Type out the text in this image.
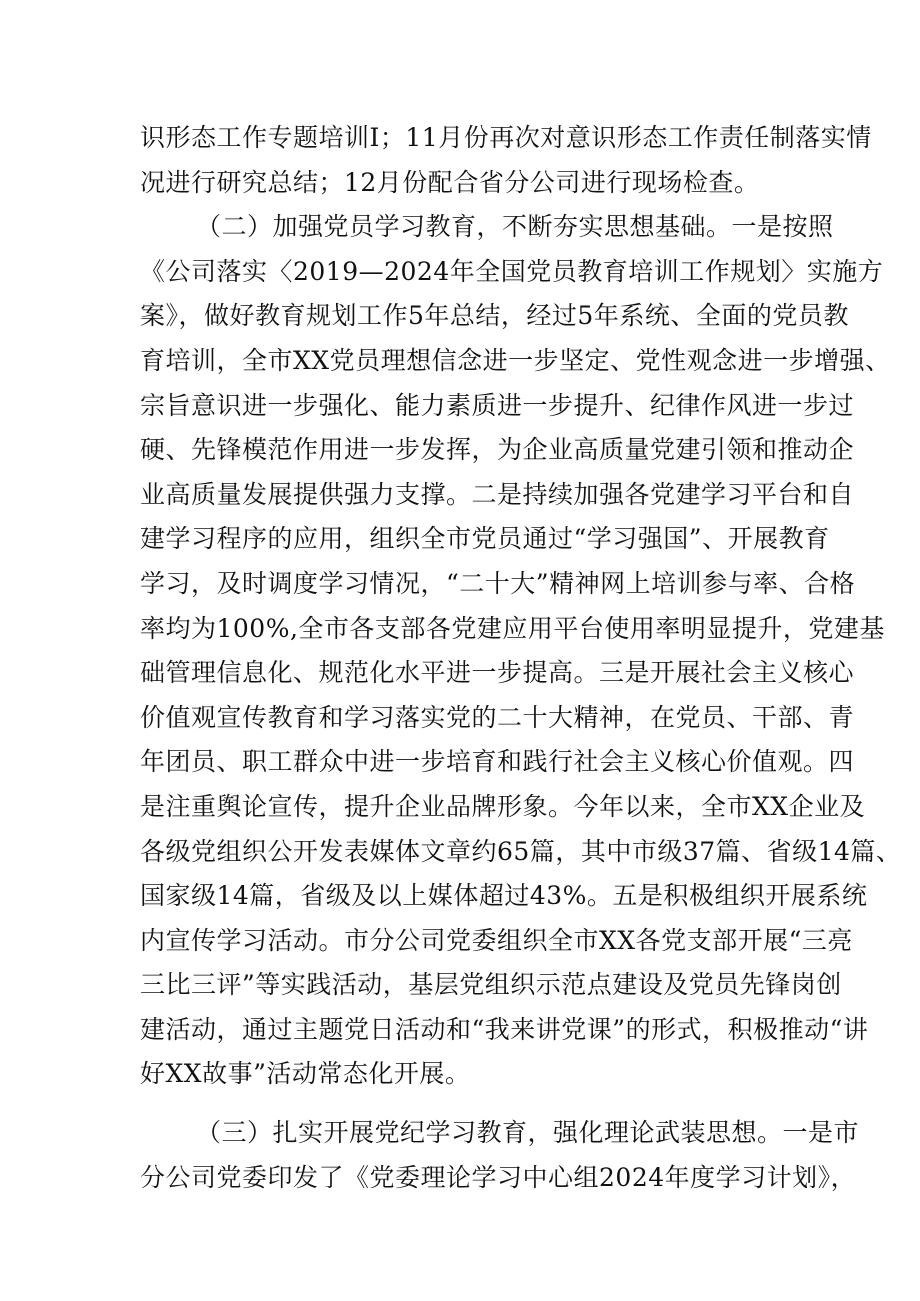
识形态工作专题培训I；11月份再次对意识形态工作责任制落实情
况进行研究总结；12月份配合省分公司进行现场检查。
（二）加强党员学习教育，不断夯实思想基础。一是按照
《公司落实〈2019—2024年全国党员教育培训工作规划〉实施方
案》，做好教育规划工作5年总结，经过5年系统、全面的党员教
育培训，全市XX党员理想信念进一步坚定、党性观念进一步增强、
宗旨意识进一步强化、能力素质进一步提升、纪律作风进一步过
硬、先锋模范作用进一步发挥，为企业高质量党建引领和推动企
业高质量发展提供强力支撑。二是持续加强各党建学习平台和自
建学习程序的应用，组织全市党员通过“学习强国”、开展教育
学习，及时调度学习情况，“二十大”精神网上培训参与率、合格
率均为100%,全市各支部各党建应用平台使用率明显提升，党建基
础管理信息化、规范化水平进一步提高。三是开展社会主义核心
价值观宣传教育和学习落实党的二十大精神，在党员、干部、青
年团员、职工群众中进一步培育和践行社会主义核心价值观。四
是注重舆论宣传，提升企业品牌形象。今年以来，全市XX企业及
各级党组织公开发表媒体文章约65篇，其中市级37篇、省级14篇、
国家级14篇，省级及以上媒体超过43%。五是积极组织开展系统
内宣传学习活动。市分公司党委组织全市XX各党支部开展“三亮
三比三评”等实践活动，基层党组织示范点建设及党员先锋岗创
建活动，通过主题党日活动和“我来讲党课”的形式，积极推动“讲
好XX故事”活动常态化开展。
（三）扎实开展党纪学习教育，强化理论武装思想。一是市
分公司党委印发了《党委理论学习中心组2024年度学习计划》，
